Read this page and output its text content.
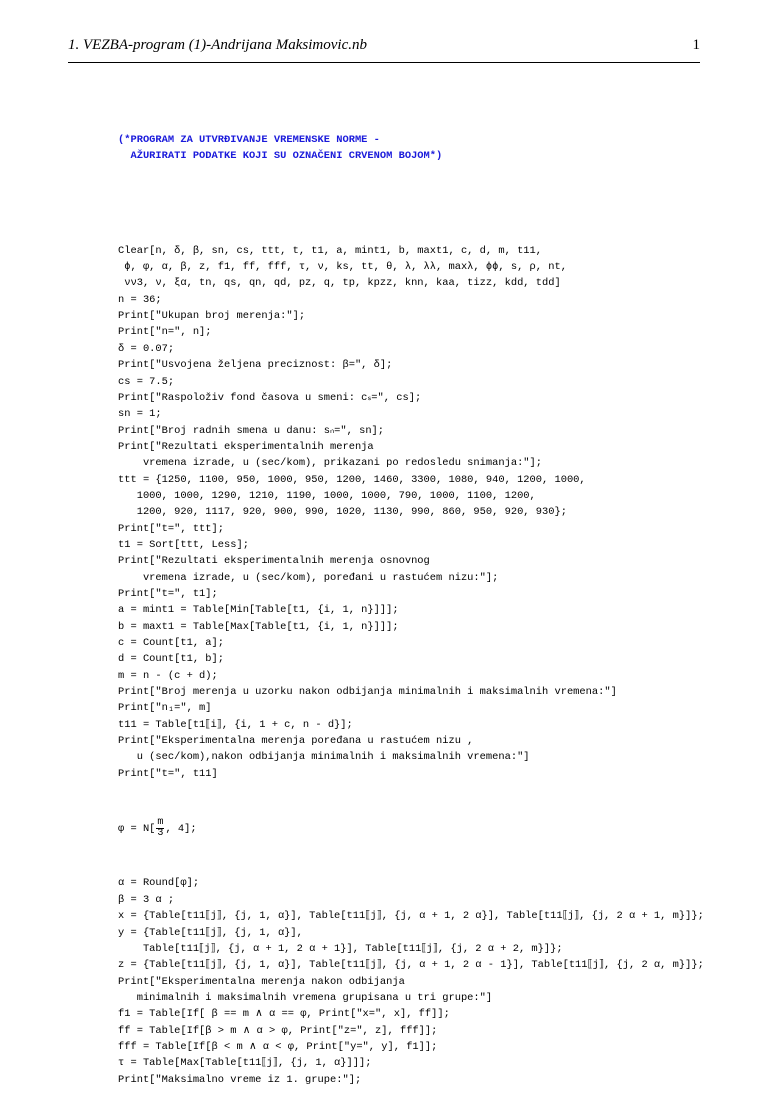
1. VEZBA-program (1)-Andrijana Maksimovic.nb	1

(*PROGRAM ZA UTVRĐIVANJE VREMENSKE NORME -
AŽURIRATI PODATKE KOJI SU OZNAČENI CRVENOM BOJOM*)

Clear[n, δ, β, sn, cs, ttt, t, t1, a, mint1, b, maxt1, c, d, m, t11,
ϕ, φ, α, β, z, f1, ff, fff, τ, ν, ks, tt, θ, λ, λλ, maxλ, ϕϕ, s, ρ, nt,
νν3, ν, ξα, tn, qs, qn, qd, pz, q, tp, kpzz, knn, kaa, tizz, kdd, tdd]
n = 36;
Print["Ukupan broj merenja:"];
Print["n=", n];
δ = 0.07;
Print["Usvojena željena preciznost: β=", δ];
cs = 7.5;
Print["Raspoloživ fond časova u smeni: cₛ=", cs];
sn = 1;
Print["Broj radnih smena u danu: sₙ=", sn];
Print["Rezultati eksperimentalnih merenja
vremena izrade, u (sec/kom), prikazani po redosledu snimanja:"];
ttt = {1250, 1100, 950, 1000, 950, 1200, 1460, 3300, 1080, 940, 1200, 1000,
1000, 1000, 1290, 1210, 1190, 1000, 1000, 790, 1000, 1100, 1200,
1200, 920, 1117, 920, 900, 990, 1020, 1130, 990, 860, 950, 920, 930};
Print["t=", ttt];
t1 = Sort[ttt, Less];
Print["Rezultati eksperimentalnih merenja osnovnog
vremena izrade, u (sec/kom), poređani u rastućem nizu:"];
Print["t=", t1];
a = mint1 = Table[Min[Table[t1, {i, 1, n}]]];
b = maxt1 = Table[Max[Table[t1, {i, 1, n}]]];
c = Count[t1, a];
d = Count[t1, b];
m = n - (c + d);
Print["Broj merenja u uzorku nakon odbijanja minimalnih i maksimalnih vremena:"]
Print["n₁=", m]
t11 = Table[t1⟦i⟧, {i, 1 + c, n - d}];
Print["Eksperimentalna merenja poređana u rastućem nizu ,
u (sec/kom),nakon odbijanja minimalnih i maksimalnih vremena:"]
Print["t=", t11]

$\varphi = N[ \frac{m}{3}$ , 4];

α = Round[φ];
β = 3 α ;
x = {Table[t11⟦j⟧, {j, 1, α}], Table[t11⟦j⟧, {j, α + 1, 2 α}], Table[t11⟦j⟧, {j, 2 α + 1, m}]};
y = {Table[t11⟦j⟧, {j, 1, α}],
Table[t11⟦j⟧, {j, α + 1, 2 α + 1}], Table[t11⟦j⟧, {j, 2 α + 2, m}]};
z = {Table[t11⟦j⟧, {j, 1, α}], Table[t11⟦j⟧, {j, α + 1, 2 α - 1}], Table[t11⟦j⟧, {j, 2 α, m}]};
Print["Eksperimentalna merenja nakon odbijanja
minimalnih i maksimalnih vremena grupisana u tri grupe:"]
f1 = Table[If[ β == m ∧ α == φ, Print["x=", x], ff]];
ff = Table[If[β > m ∧ α > φ, Print["z=", z], fff]];
fff = Table[If[β < m ∧ α < φ, Print["y=", y], f1]];
τ = Table[Max[Table[t11⟦j⟧, {j, 1, α}]]];
Print["Maksimalno vreme iz 1. grupe:"];
